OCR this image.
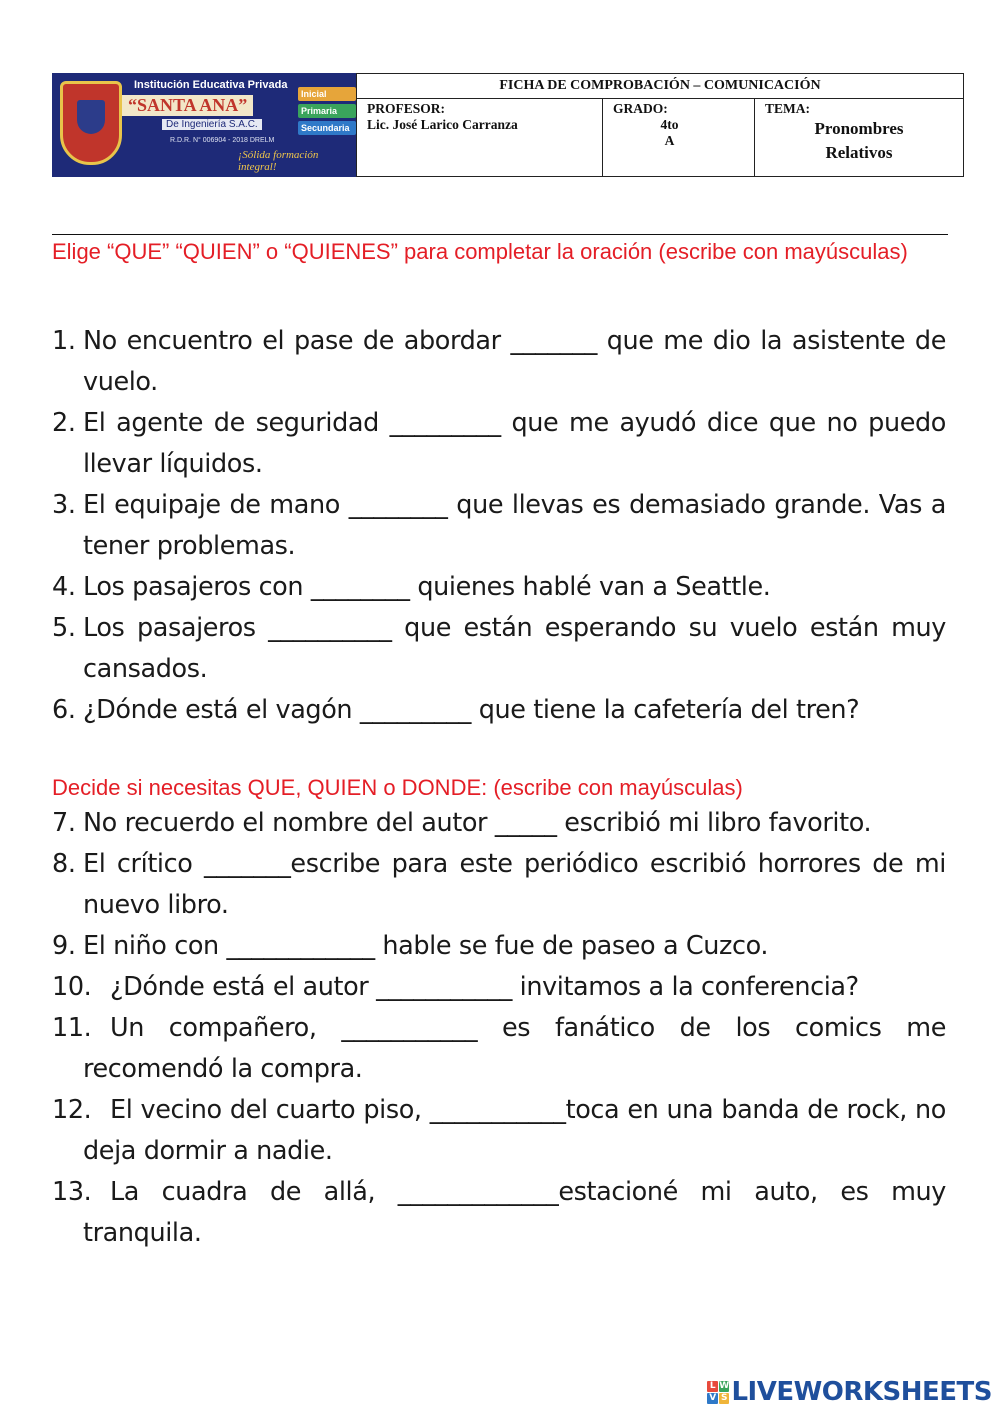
Institución Educativa Privada
“SANTA ANA”
De Ingeniería S.A.C.
R.D.R. N° 006904 - 2018 DRELM
¡Sólida formación integral!
Inicial
Primaria
Secundaria
FICHA DE COMPROBACIÓN – COMUNICACIÓN
PROFESOR:
Lic. José Larico Carranza
GRADO:
4to
A
TEMA:
Pronombres
Relativos
Elige “QUE” “QUIEN” o “QUIENES” para completar la oración (escribe con mayúsculas)
1. No encuentro el pase de abordar _______ que me dio la asistente de vuelo.
2. El agente de seguridad _________ que me ayudó dice que no puedo llevar líquidos.
3. El equipaje de mano ________ que llevas es demasiado grande. Vas a tener problemas.
4. Los pasajeros con ________ quienes hablé van a Seattle.
5. Los pasajeros __________ que están esperando su vuelo están muy cansados.
6. ¿Dónde está el vagón _________ que tiene la cafetería del tren?
Decide si necesitas QUE, QUIEN o DONDE: (escribe con mayúsculas)
7. No recuerdo el nombre del autor _____ escribió mi libro favorito.
8. El crítico _______escribe para este periódico escribió horrores de mi nuevo libro.
9. El niño con ____________ hable se fue de paseo a Cuzco.
10. ¿Dónde está el autor ___________ invitamos a la conferencia?
11. Un compañero, ___________ es fanático de los comics me recomendó la compra.
12. El vecino del cuarto piso, ___________toca en una banda de rock, no deja dormir a nadie.
13. La cuadra de allá, _____________estacioné mi auto, es muy tranquila.
L W
V S LIVEWORKSHEETS
